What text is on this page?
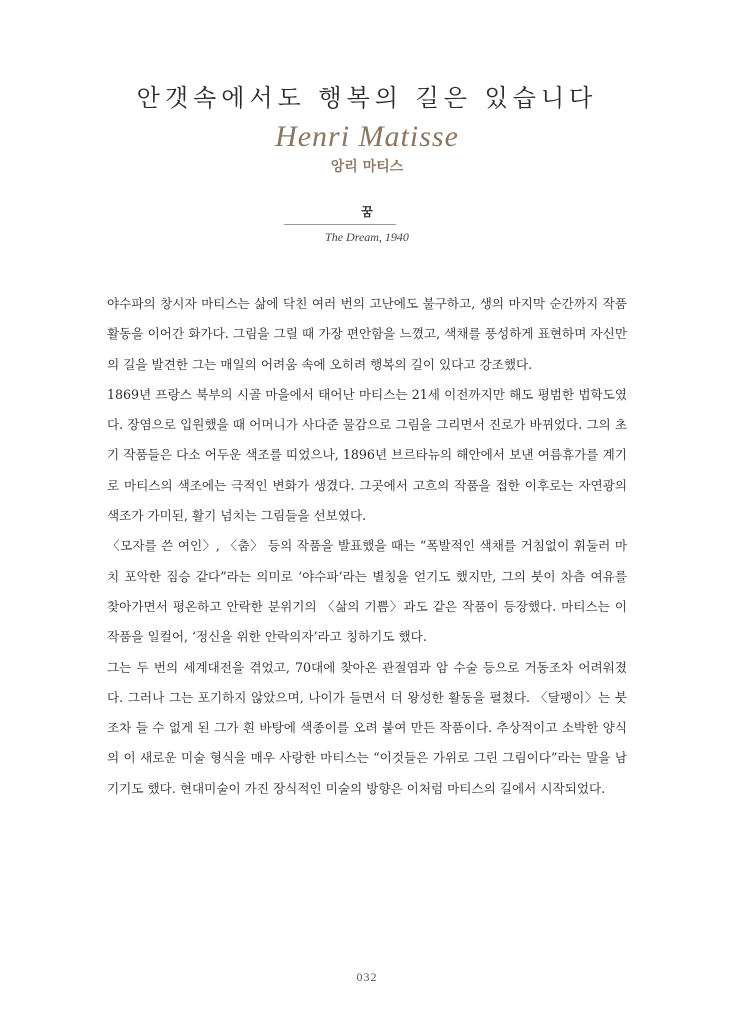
안갯속에서도 행복의 길은 있습니다
Henri Matisse
앙리 마티스
꿈
The Dream, 1940

야수파의 창시자 마티스는 삶에 닥친 여러 번의 고난에도 불구하고, 생의 마지막 순간까지 작품활동을 이어간 화가다. 그림을 그릴 때 가장 편안함을 느꼈고, 색채를 풍성하게 표현하며 자신만의 길을 발견한 그는 매일의 어려움 속에 오히려 행복의 길이 있다고 강조했다.

1869년 프랑스 북부의 시골 마을에서 태어난 마티스는 21세 이전까지만 해도 평범한 법학도였다. 장염으로 입원했을 때 어머니가 사다준 물감으로 그림을 그리면서 진로가 바뀌었다. 그의 초기 작품들은 다소 어두운 색조를 띠었으나, 1896년 브르타뉴의 해안에서 보낸 여름휴가를 계기로 마티스의 색조에는 극적인 변화가 생겼다. 그곳에서 고흐의 작품을 접한 이후로는 자연광의 색조가 가미된, 활기 넘치는 그림들을 선보였다.

〈모자를 쓴 여인〉, 〈춤〉 등의 작품을 발표했을 때는 “폭발적인 색채를 거침없이 휘둘러 마치 포악한 짐승 같다”라는 의미로 ‘야수파’라는 별칭을 얻기도 했지만, 그의 붓이 차츰 여유를 찾아가면서 평온하고 안락한 분위기의 〈삶의 기쁨〉과도 같은 작품이 등장했다. 마티스는 이 작품을 일컬어, ‘정신을 위한 안락의자’라고 칭하기도 했다.

그는 두 번의 세계대전을 겪었고, 70대에 찾아온 관절염과 암 수술 등으로 거동조차 어려워졌다. 그러나 그는 포기하지 않았으며, 나이가 들면서 더 왕성한 활동을 펼쳤다. 〈달팽이〉는 붓조차 들 수 없게 된 그가 흰 바탕에 색종이를 오려 붙여 만든 작품이다. 추상적이고 소박한 양식의 이 새로운 미술 형식을 매우 사랑한 마티스는 “이것들은 가위로 그린 그림이다”라는 말을 남기기도 했다. 현대미술이 가진 장식적인 미술의 방향은 이처럼 마티스의 길에서 시작되었다.

032
